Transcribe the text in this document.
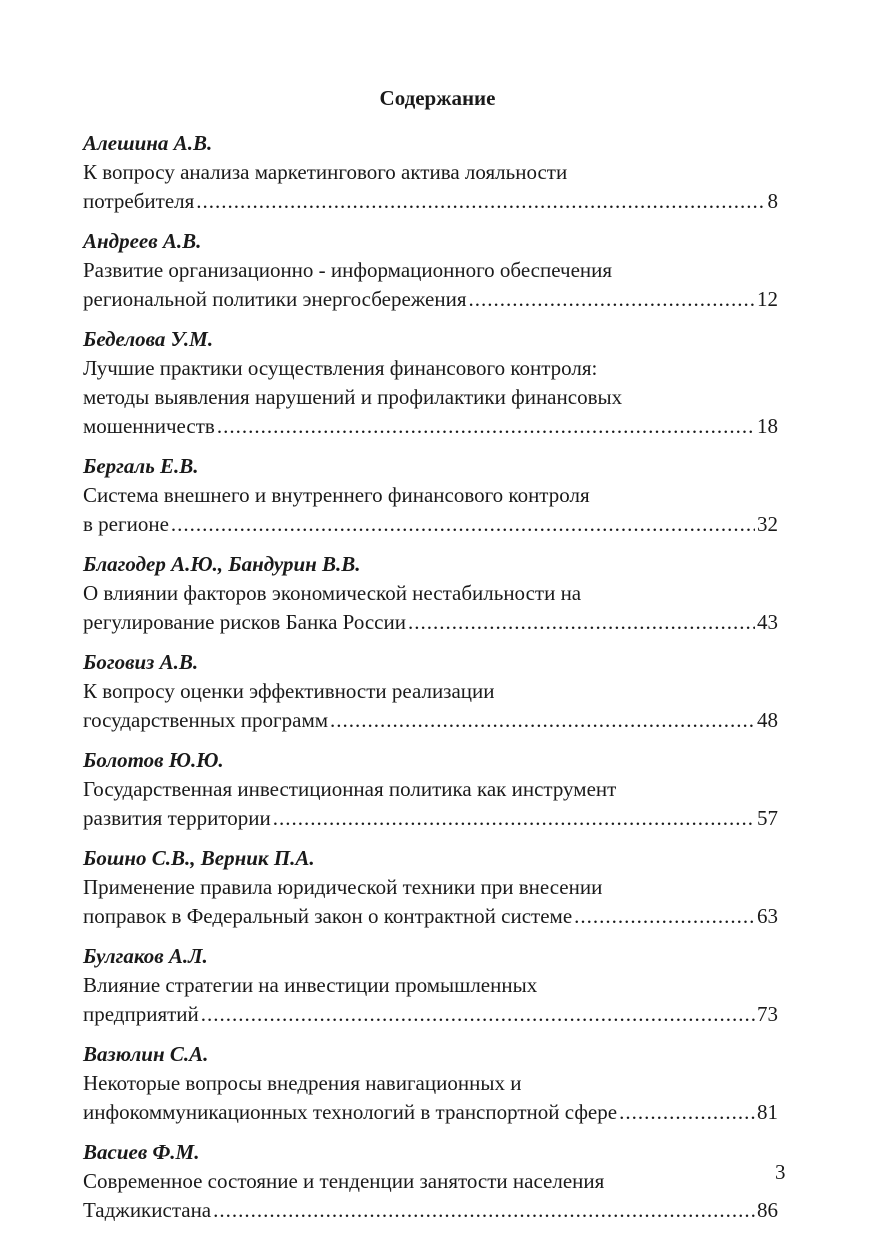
Содержание
Алешина А.В.
К вопросу анализа маркетингового актива лояльности
потребителя .....	8
Андреев А.В.
Развитие организационно - информационного обеспечения
региональной политики энергосбережения .....	12
Беделова У.М.
Лучшие практики осуществления финансового контроля:
методы выявления нарушений и профилактики финансовых
мошенничеств .....	18
Бергаль Е.В.
Система внешнего и внутреннего финансового контроля
в регионе .....	32
Благодер А.Ю., Бандурин В.В.
О влиянии факторов экономической нестабильности на
регулирование рисков Банка России .....	43
Боговиз А.В.
К вопросу оценки эффективности реализации
государственных программ .....	48
Болотов Ю.Ю.
Государственная инвестиционная политика как инструмент
развития территории .....	57
Бошно С.В., Верник П.А.
Применение правила юридической техники при внесении
поправок в Федеральный закон о контрактной системе .....	63
Булгаков А.Л.
Влияние стратегии на инвестиции промышленных
предприятий .....	73
Вазюлин С.А.
Некоторые вопросы внедрения навигационных и
инфокоммуникационных технологий в транспортной сфере .....	81
Васиев Ф.М.
Современное состояние и тенденции занятости населения
Таджикистана .....	86
3
